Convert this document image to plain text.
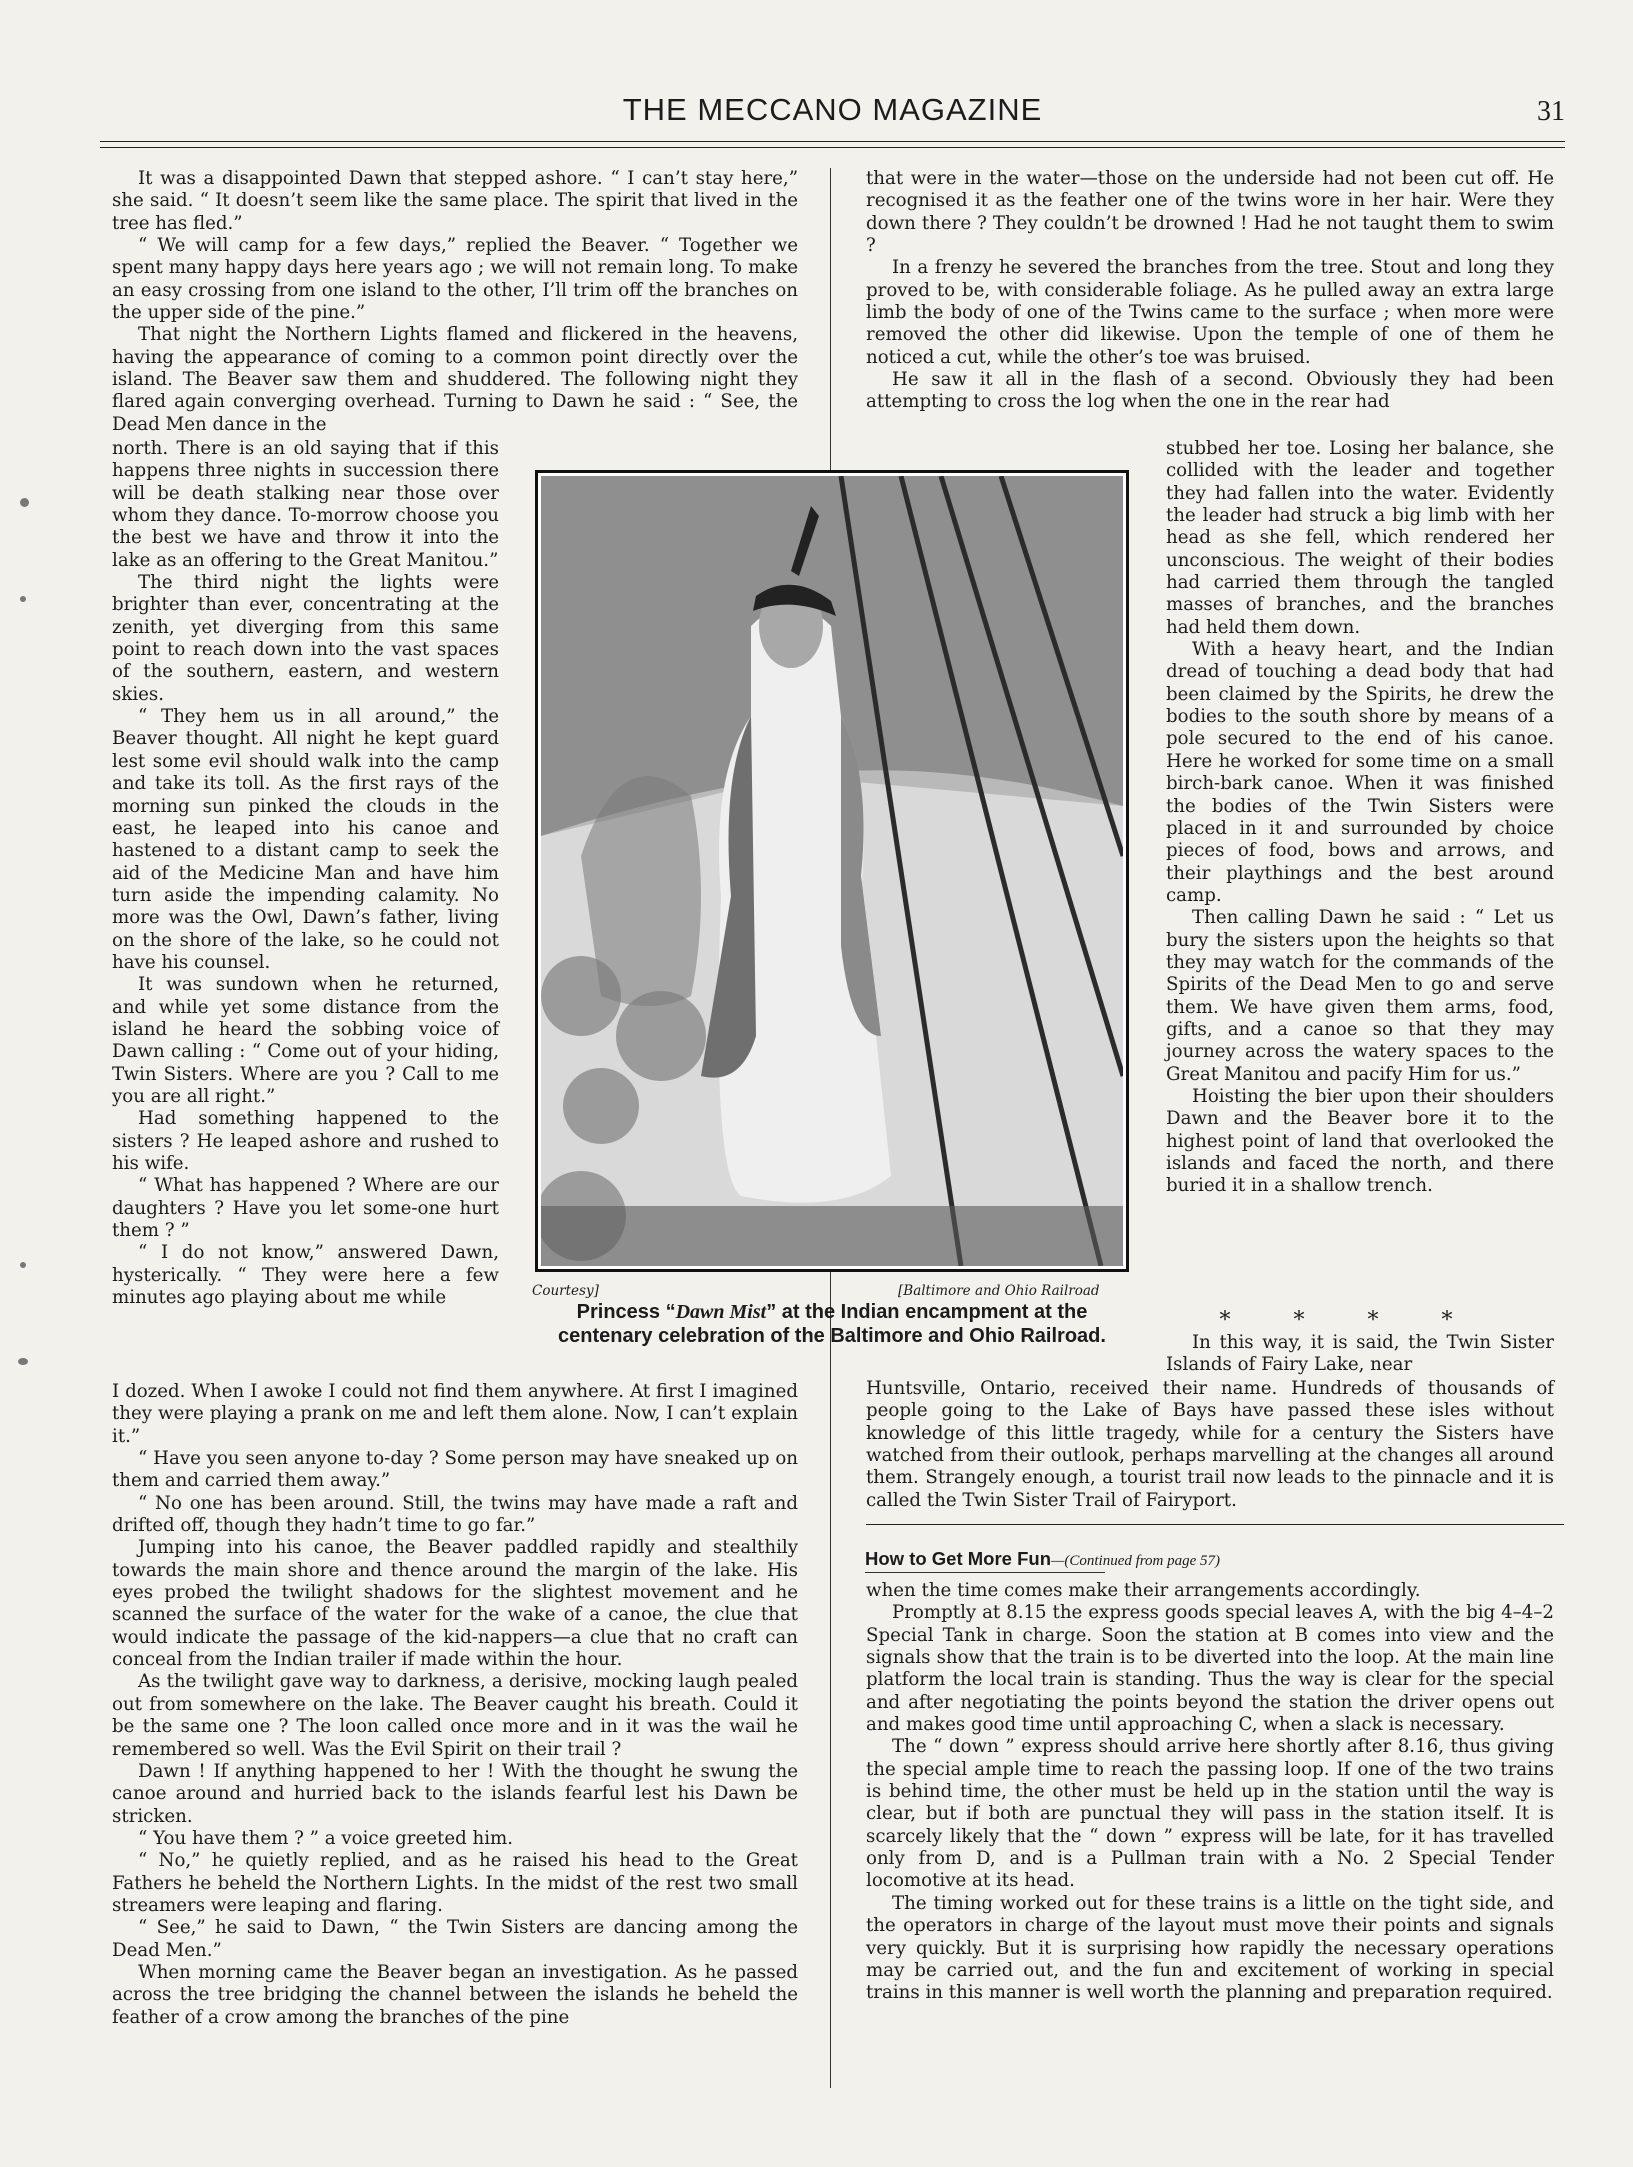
THE MECCANO MAGAZINE	31

It was a disappointed Dawn that stepped ashore. “ I can’t stay here,” she said. “ It doesn’t seem like the same place. The spirit that lived in the tree has fled.”

“ We will camp for a few days,” replied the Beaver. “ Together we spent many happy days here years ago ; we will not remain long. To make an easy crossing from one island to the other, I’ll trim off the branches on the upper side of the pine.”

That night the Northern Lights flamed and flickered in the heavens, having the appearance of coming to a common point directly over the island. The Beaver saw them and shuddered. The following night they flared again converging overhead. Turning to Dawn he said : “ See, the Dead Men dance in the

north. There is an old saying that if this happens three nights in succession there will be death stalking near those over whom they dance. To-morrow choose you the best we have and throw it into the lake as an offering to the Great Manitou.”

The third night the lights were brighter than ever, concentrating at the zenith, yet diverging from this same point to reach down into the vast spaces of the southern, eastern, and western skies.

“ They hem us in all around,” the Beaver thought. All night he kept guard lest some evil should walk into the camp and take its toll. As the first rays of the morning sun pinked the clouds in the east, he leaped into his canoe and hastened to a distant camp to seek the aid of the Medicine Man and have him turn aside the impending calamity. No more was the Owl, Dawn’s father, living on the shore of the lake, so he could not have his counsel.

It was sundown when he returned, and while yet some distance from the island he heard the sobbing voice of Dawn calling : “ Come out of your hiding, Twin Sisters. Where are you ? Call to me you are all right.”

Had something happened to the sisters ? He leaped ashore and rushed to his wife.

“ What has happened ? Where are our daughters ? Have you let some-one hurt them ? ”

“ I do not know,” answered Dawn, hysterically. “ They were here a few minutes ago playing about me while

I dozed. When I awoke I could not find them anywhere. At first I imagined they were playing a prank on me and left them alone. Now, I can’t explain it.”

“ Have you seen anyone to-day ? Some person may have sneaked up on them and carried them away.”

“ No one has been around. Still, the twins may have made a raft and drifted off, though they hadn’t time to go far.”

Jumping into his canoe, the Beaver paddled rapidly and stealthily towards the main shore and thence around the margin of the lake. His eyes probed the twilight shadows for the slightest movement and he scanned the surface of the water for the wake of a canoe, the clue that would indicate the passage of the kid-nappers—a clue that no craft can conceal from the Indian trailer if made within the hour.

As the twilight gave way to darkness, a derisive, mocking laugh pealed out from somewhere on the lake. The Beaver caught his breath. Could it be the same one ? The loon called once more and in it was the wail he remembered so well. Was the Evil Spirit on their trail ?

Dawn ! If anything happened to her ! With the thought he swung the canoe around and hurried back to the islands fearful lest his Dawn be stricken.

“ You have them ? ” a voice greeted him.

“ No,” he quietly replied, and as he raised his head to the Great Fathers he beheld the Northern Lights. In the midst of the rest two small streamers were leaping and flaring.

“ See,” he said to Dawn, “ the Twin Sisters are dancing among the Dead Men.”

When morning came the Beaver began an investigation. As he passed across the tree bridging the channel between the islands he beheld the feather of a crow among the branches of the pine

that were in the water—those on the underside had not been cut off. He recognised it as the feather one of the twins wore in her hair. Were they down there ? They couldn’t be drowned ! Had he not taught them to swim ?

In a frenzy he severed the branches from the tree. Stout and long they proved to be, with considerable foliage. As he pulled away an extra large limb the body of one of the Twins came to the surface ; when more were removed the other did likewise. Upon the temple of one of them he noticed a cut, while the other’s toe was bruised.

He saw it all in the flash of a second. Obviously they had been attempting to cross the log when the one in the rear had

stubbed her toe. Losing her balance, she collided with the leader and together they had fallen into the water. Evidently the leader had struck a big limb with her head as she fell, which rendered her unconscious. The weight of their bodies had carried them through the tangled masses of branches, and the branches had held them down.

With a heavy heart, and the Indian dread of touching a dead body that had been claimed by the Spirits, he drew the bodies to the south shore by means of a pole secured to the end of his canoe. Here he worked for some time on a small birch-bark canoe. When it was finished the bodies of the Twin Sisters were placed in it and surrounded by choice pieces of food, bows and arrows, and their playthings and the best around camp.

Then calling Dawn he said : “ Let us bury the sisters upon the heights so that they may watch for the commands of the Spirits of the Dead Men to go and serve them. We have given them arms, food, gifts, and a canoe so that they may journey across the watery spaces to the Great Manitou and pacify Him for us.”

Hoisting the bier upon their shoulders Dawn and the Beaver bore it to the highest point of land that overlooked the islands and faced the north, and there buried it in a shallow trench.

* * * *

In this way, it is said, the Twin Sister Islands of Fairy Lake, near

Huntsville, Ontario, received their name. Hundreds of thousands of people going to the Lake of Bays have passed these isles without knowledge of this little tragedy, while for a century the Sisters have watched from their outlook, perhaps marvelling at the changes all around them. Strangely enough, a tourist trail now leads to the pinnacle and it is called the Twin Sister Trail of Fairyport.

How to Get More Fun—(Continued from page 57)

when the time comes make their arrangements accordingly.

Promptly at 8.15 the express goods special leaves A, with the big 4–4–2 Special Tank in charge. Soon the station at B comes into view and the signals show that the train is to be diverted into the loop. At the main line platform the local train is standing. Thus the way is clear for the special and after negotiating the points beyond the station the driver opens out and makes good time until approaching C, when a slack is necessary.

The “ down ” express should arrive here shortly after 8.16, thus giving the special ample time to reach the passing loop. If one of the two trains is behind time, the other must be held up in the station until the way is clear, but if both are punctual they will pass in the station itself. It is scarcely likely that the “ down ” express will be late, for it has travelled only from D, and is a Pullman train with a No. 2 Special Tender locomotive at its head.

The timing worked out for these trains is a little on the tight side, and the operators in charge of the layout must move their points and signals very quickly. But it is surprising how rapidly the necessary operations may be carried out, and the fun and excitement of working in special trains in this manner is well worth the planning and preparation required.

Courtesy]	[Baltimore and Ohio Railroad
Princess “Dawn Mist” at the Indian encampment at the centenary celebration of the Baltimore and Ohio Railroad.
